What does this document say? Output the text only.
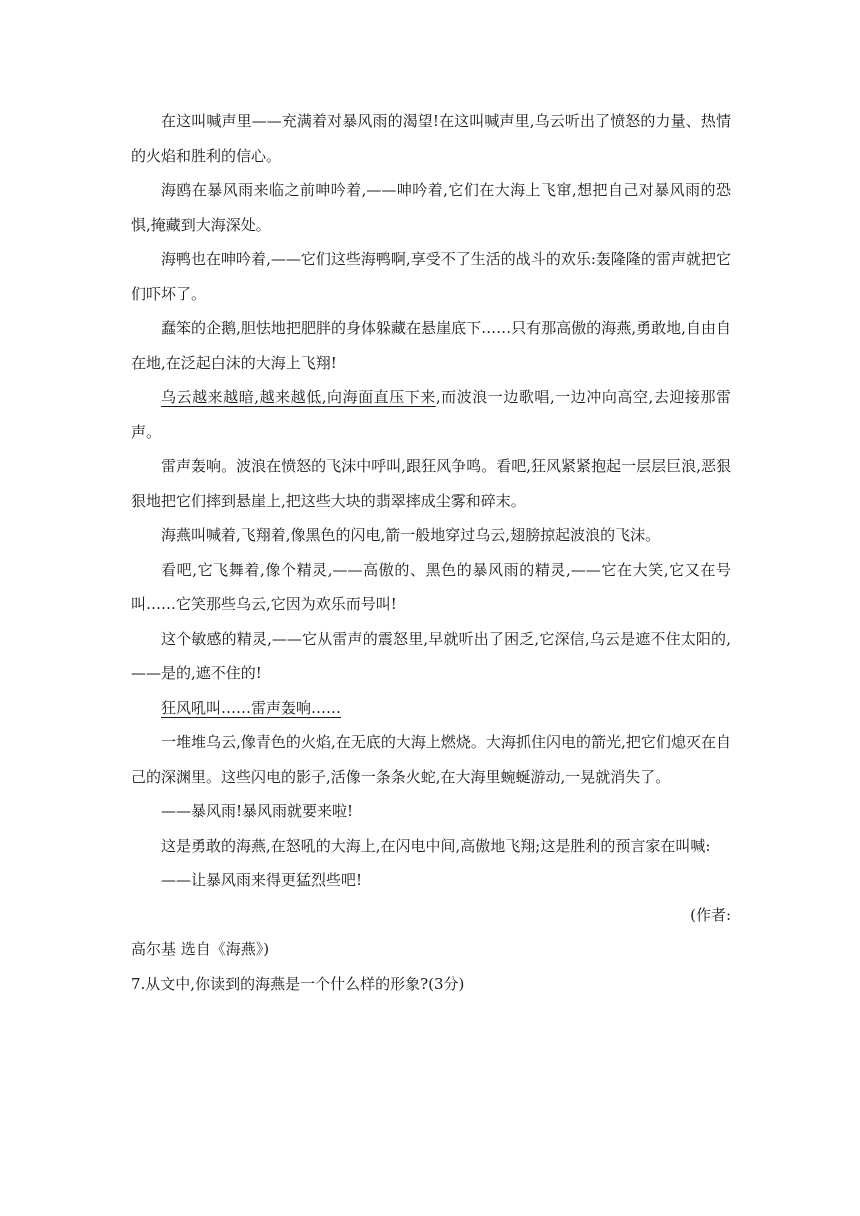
在这叫喊声里——充满着对暴风雨的渴望!在这叫喊声里,乌云听出了愤怒的力量、热情的火焰和胜利的信心。

海鸥在暴风雨来临之前呻吟着,——呻吟着,它们在大海上飞窜,想把自己对暴风雨的恐惧,掩藏到大海深处。

海鸭也在呻吟着,——它们这些海鸭啊,享受不了生活的战斗的欢乐:轰隆隆的雷声就把它们吓坏了。

蠢笨的企鹅,胆怯地把肥胖的身体躲藏在悬崖底下……只有那高傲的海燕,勇敢地,自由自在地,在泛起白沫的大海上飞翔!

乌云越来越暗,越来越低,向海面直压下来,而波浪一边歌唱,一边冲向高空,去迎接那雷声。

雷声轰响。波浪在愤怒的飞沫中呼叫,跟狂风争鸣。看吧,狂风紧紧抱起一层层巨浪,恶狠狠地把它们摔到悬崖上,把这些大块的翡翠摔成尘雾和碎末。

海燕叫喊着,飞翔着,像黑色的闪电,箭一般地穿过乌云,翅膀掠起波浪的飞沫。

看吧,它飞舞着,像个精灵,——高傲的、黑色的暴风雨的精灵,——它在大笑,它又在号叫……它笑那些乌云,它因为欢乐而号叫!

这个敏感的精灵,——它从雷声的震怒里,早就听出了困乏,它深信,乌云是遮不住太阳的,——是的,遮不住的!

狂风吼叫……雷声轰响……

一堆堆乌云,像青色的火焰,在无底的大海上燃烧。大海抓住闪电的箭光,把它们熄灭在自己的深渊里。这些闪电的影子,活像一条条火蛇,在大海里蜿蜒游动,一晃就消失了。

——暴风雨!暴风雨就要来啦!

这是勇敢的海燕,在怒吼的大海上,在闪电中间,高傲地飞翔;这是胜利的预言家在叫喊:

——让暴风雨来得更猛烈些吧!

(作者:

高尔基 选自《海燕》)

7.从文中,你读到的海燕是一个什么样的形象?(3分)
